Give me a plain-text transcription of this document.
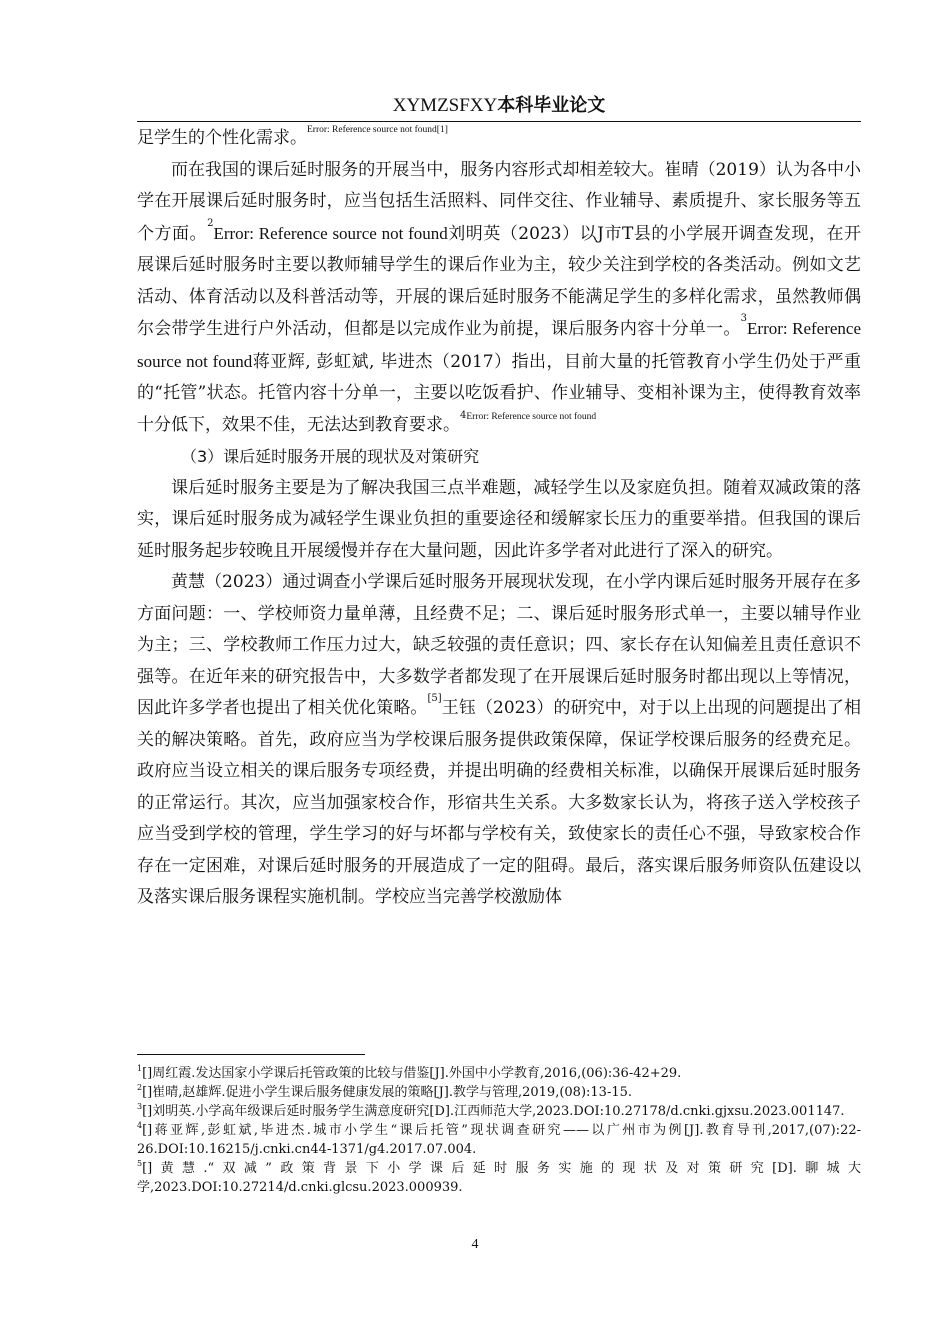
XYMZSFXY本科毕业论文

足学生的个性化需求。$^{Error: Reference source not found[1]}$

而在我国的课后延时服务的开展当中，服务内容形式却相差较大。崔晴（2019）认为各中小学在开展课后延时服务时，应当包括生活照料、同伴交往、作业辅导、素质提升、家长服务等五个方面。$^2$Error: Reference source not found刘明英（2023）以J市T县的小学展开调查发现，在开展课后延时服务时主要以教师辅导学生的课后作业为主，较少关注到学校的各类活动。例如文艺活动、体育活动以及科普活动等，开展的课后延时服务不能满足学生的多样化需求，虽然教师偶尔会带学生进行户外活动，但都是以完成作业为前提，课后服务内容十分单一。$^3$Error: Reference source not found蒋亚辉, 彭虹斌, 毕进杰（2017）指出，目前大量的托管教育小学生仍处于严重的“托管”状态。托管内容十分单一，主要以吃饭看护、作业辅导、变相补课为主，使得教育效率十分低下，效果不佳，无法达到教育要求。$^{4Error: Reference source not found}$

（3）课后延时服务开展的现状及对策研究

课后延时服务主要是为了解决我国三点半难题，减轻学生以及家庭负担。随着双减政策的落实，课后延时服务成为减轻学生课业负担的重要途径和缓解家长压力的重要举措。但我国的课后延时服务起步较晚且开展缓慢并存在大量问题，因此许多学者对此进行了深入的研究。

黄慧（2023）通过调查小学课后延时服务开展现状发现，在小学内课后延时服务开展存在多方面问题：一、学校师资力量单薄，且经费不足；二、课后延时服务形式单一，主要以辅导作业为主；三、学校教师工作压力过大，缺乏较强的责任意识；四、家长存在认知偏差且责任意识不强等。在近年来的研究报告中，大多数学者都发现了在开展课后延时服务时都出现以上等情况，因此许多学者也提出了相关优化策略。[5]王钰（2023）的研究中，对于以上出现的问题提出了相关的解决策略。首先，政府应当为学校课后服务提供政策保障，保证学校课后服务的经费充足。政府应当设立相关的课后服务专项经费，并提出明确的经费相关标准，以确保开展课后延时服务的正常运行。其次，应当加强家校合作，形宿共生关系。大多数家长认为，将孩子送入学校孩子应当受到学校的管理，学生学习的好与坏都与学校有关，致使家长的责任心不强，导致家校合作存在一定困难，对课后延时服务的开展造成了一定的阻碍。最后，落实课后服务师资队伍建设以及落实课后服务课程实施机制。学校应当完善学校激励体

$^1$[]周红霞.发达国家小学课后托管政策的比较与借鉴[J].外国中小学教育,2016,(06):36-42+29.

$^2$[]崔晴,赵雄辉.促进小学生课后服务健康发展的策略[J].教学与管理,2019,(08):13-15.

$^3$[]刘明英.小学高年级课后延时服务学生满意度研究[D].江西师范大学,2023.DOI:10.27178/d.cnki.gjxsu.2023.001147.

$^4$[]蒋亚辉,彭虹斌,毕进杰.城市小学生“课后托管”现状调查研究——以广州市为例[J].教育导刊,2017,(07):22-26.DOI:10.16215/j.cnki.cn44-1371/g4.2017.07.004.

$^5$[]黄慧.“双减”政策背景下小学课后延时服务实施的现状及对策研究[D].聊城大学,2023.DOI:10.27214/d.cnki.glcsu.2023.000939.

4
